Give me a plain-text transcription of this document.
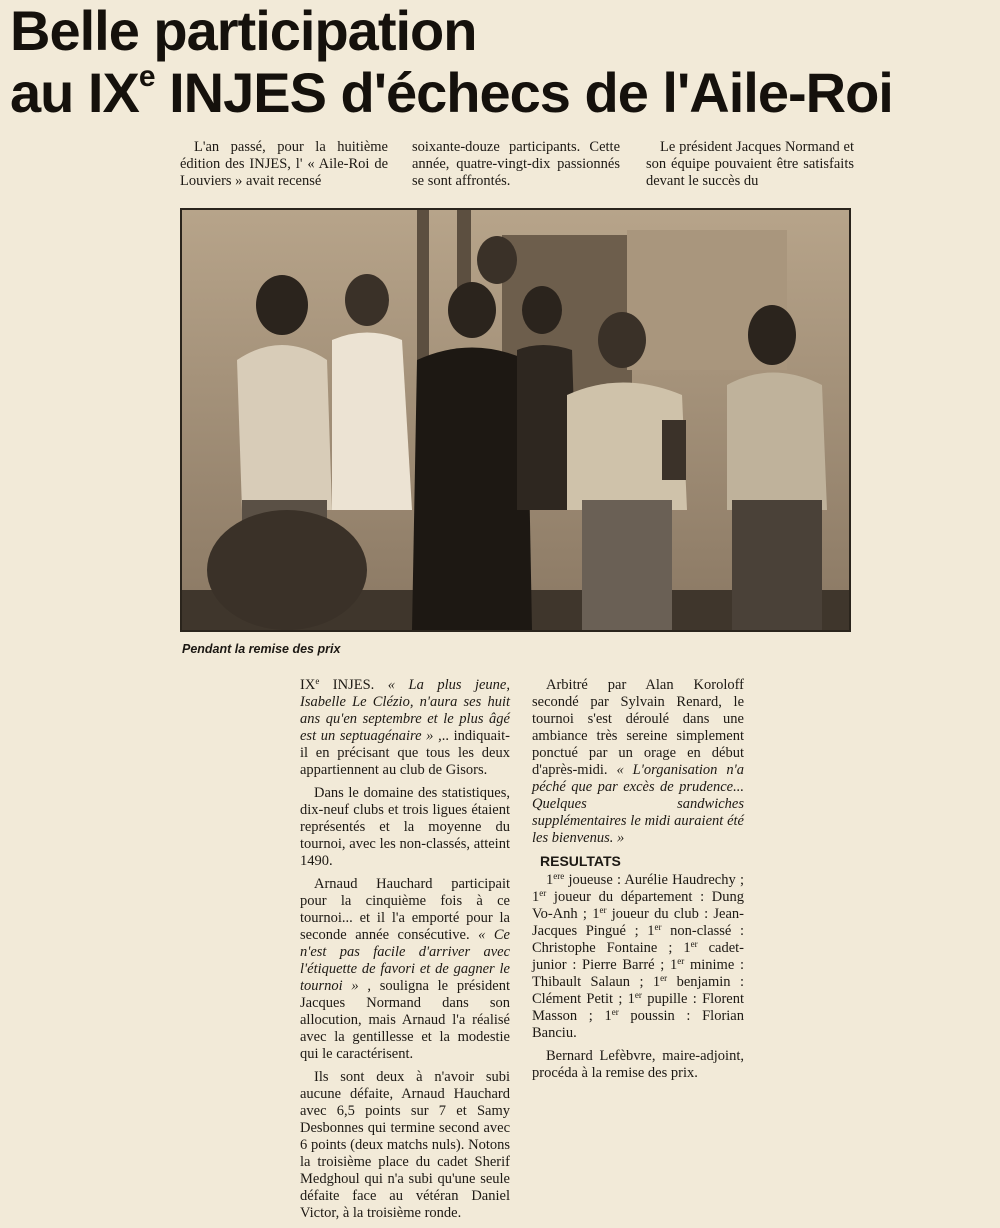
Belle participation
au IXe INJES d'échecs de l'Aile-Roi

L'an passé, pour la huitième édition des INJES, l' « Aile-Roi de Louviers » avait recensé

soixante-douze participants. Cette année, quatre-vingt-dix passionnés se sont affrontés.

Le président Jacques Normand et son équipe pouvaient être satisfaits devant le succès du

Pendant la remise des prix

IXe INJES. « La plus jeune, Isabelle Le Clézio, n'aura ses huit ans qu'en septembre et le plus âgé est un septuagénaire » ,.. indiquait-il en précisant que tous les deux appartiennent au club de Gisors.

Dans le domaine des statistiques, dix-neuf clubs et trois ligues étaient représentés et la moyenne du tournoi, avec les non-classés, atteint 1490.

Arnaud Hauchard participait pour la cinquième fois à ce tournoi... et il l'a emporté pour la seconde année consécutive. « Ce n'est pas facile d'arriver avec l'étiquette de favori et de gagner le tournoi » , souligna le président Jacques Normand dans son allocution, mais Arnaud l'a réalisé avec la gentillesse et la modestie qui le caractérisent.

Ils sont deux à n'avoir subi aucune défaite, Arnaud Hauchard avec 6,5 points sur 7 et Samy Desbonnes qui termine second avec 6 points (deux matchs nuls). Notons la troisième place du cadet Sherif Medghoul qui n'a subi qu'une seule défaite face au vétéran Daniel Victor, à la troisième ronde.

Arbitré par Alan Koroloff secondé par Sylvain Renard, le tournoi s'est déroulé dans une ambiance très sereine simplement ponctué par un orage en début d'après-midi. « L'organisation n'a péché que par excès de prudence... Quelques sandwiches supplémentaires le midi auraient été les bienvenus. »

RESULTATS

1ere joueuse : Aurélie Haudrechy ; 1er joueur du département : Dung Vo-Anh ; 1er joueur du club : Jean-Jacques Pingué ; 1er non-classé : Christophe Fontaine ; 1er cadet-junior : Pierre Barré ; 1er minime : Thibault Salaun ; 1er benjamin : Clément Petit ; 1er pupille : Florent Masson ; 1er poussin : Florian Banciu.

Bernard Lefèbvre, maire-adjoint, procéda à la remise des prix.
